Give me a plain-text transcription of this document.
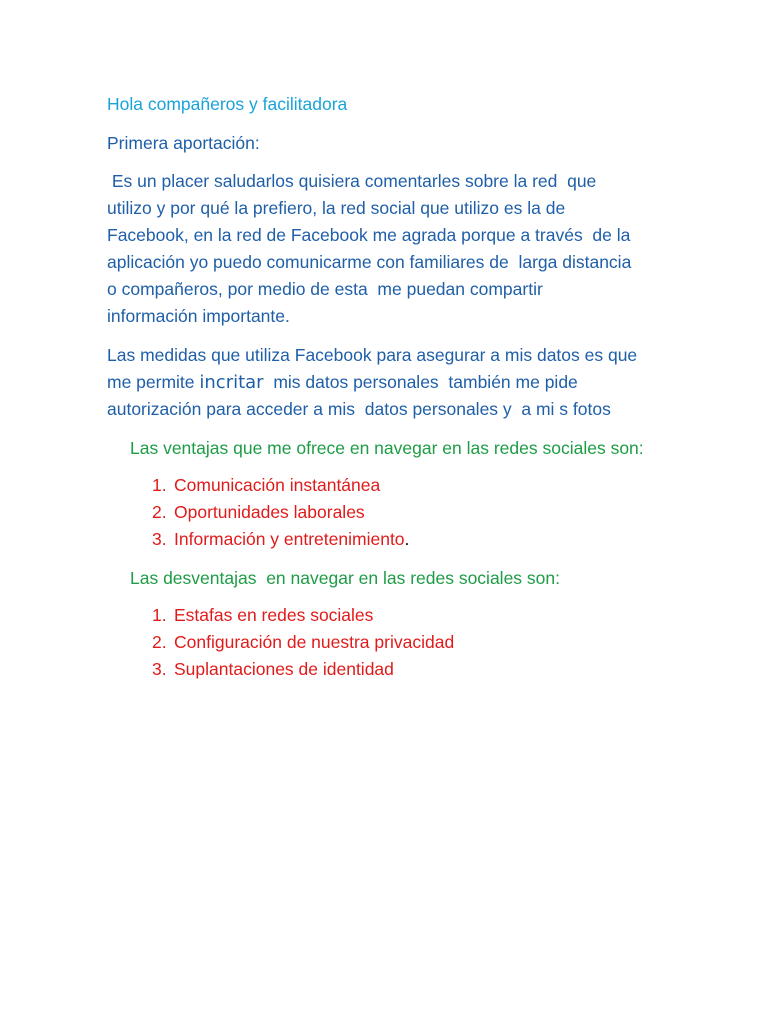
Hola compañeros y facilitadora

Primera aportación:

Es un placer saludarlos quisiera comentarles sobre la red  que
utilizo y por qué la prefiero, la red social que utilizo es la de
Facebook, en la red de Facebook me agrada porque a través  de la
aplicación yo puedo comunicarme con familiares de  larga distancia
o compañeros, por medio de esta  me puedan compartir
información importante.
Las medidas que utiliza Facebook para asegurar a mis datos es que
me permite incritar  mis datos personales  también me pide
autorización para acceder a mis  datos personales y  a mi s fotos

Las ventajas que me ofrece en navegar en las redes sociales son:

1. Comunicación instantánea
2. Oportunidades laborales
3. Información y entretenimiento.

Las desventajas  en navegar en las redes sociales son:

1. Estafas en redes sociales
2. Configuración de nuestra privacidad
3. Suplantaciones de identidad
